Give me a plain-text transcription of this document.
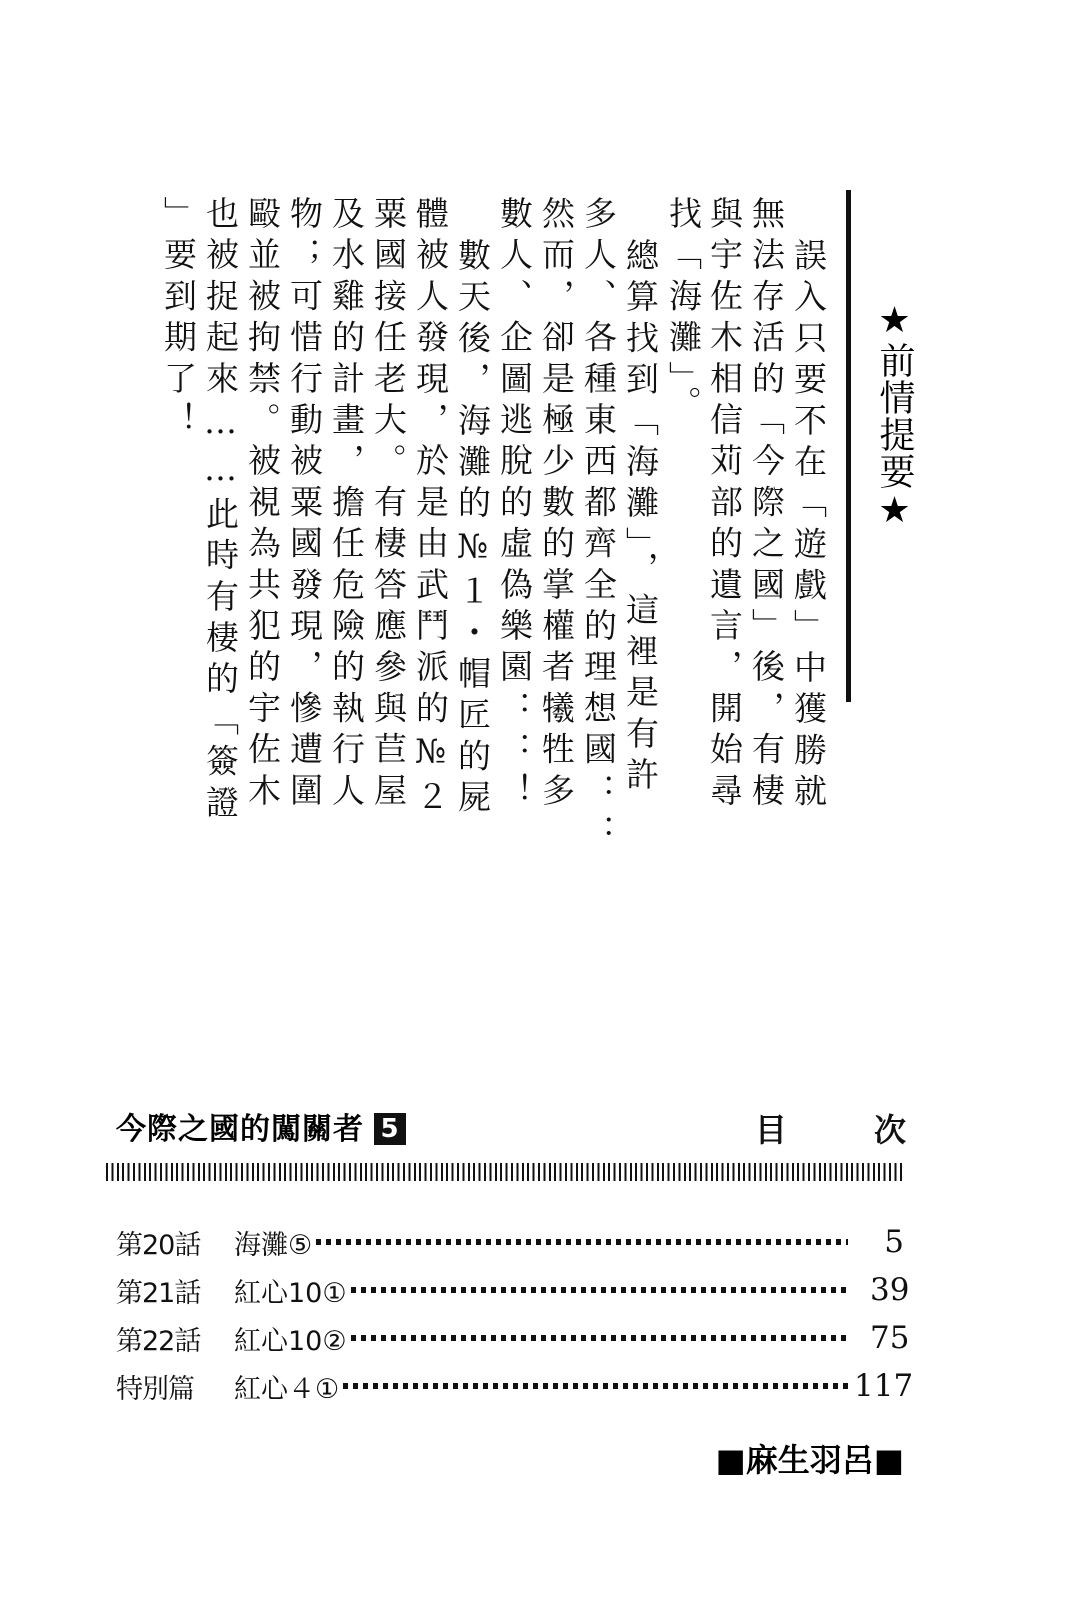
★前情提要★
誤入只要不在「遊戲」中獲勝就
無法存活的「今際之國」後，有棲
與宇佐木相信苅部的遺言，開始尋
找「海灘」。
總算找到「海灘」，這裡是有許
多人、各種東西都齊全的理想國：：
然而，卻是極少數的掌權者犧牲多
數人、企圖逃脫的虛偽樂園：：！
數天後，海灘的№１・帽匠的屍
體被人發現，於是由武鬥派的№２
粟國接任老大。有棲答應參與苣屋
及水雞的計畫，擔任危險的執行人
物；可惜行動被粟國發現，慘遭圍
毆並被拘禁。被視為共犯的宇佐木
也被捉起來……此時有棲的「簽證
」要到期了！
今際之國的闖關者 5	目 次
第20話	海灘⑤	5
第21話	紅心10①	39
第22話	紅心10②	75
特別篇	紅心４①	117
■麻生羽呂■
